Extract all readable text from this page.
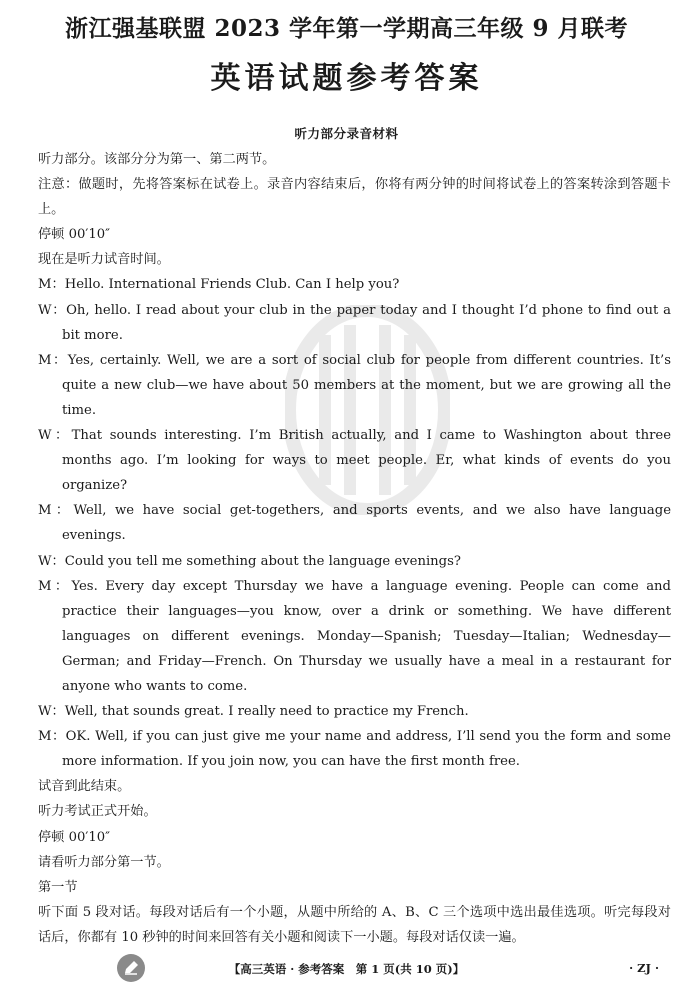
浙江强基联盟 2023 学年第一学期高三年级 9 月联考
英语试题参考答案
听力部分录音材料

听力部分。该部分分为第一、第二两节。

注意：做题时，先将答案标在试卷上。录音内容结束后，你将有两分钟的时间将试卷上的答案转涂到答题卡上。

停顿 00′10″

现在是听力试音时间。

M：Hello. International Friends Club. Can I help you?

W：Oh, hello. I read about your club in the paper today and I thought I’d phone to find out a bit more.

M：Yes, certainly. Well, we are a sort of social club for people from different countries. It’s quite a new club—we have about 50 members at the moment, but we are growing all the time.

W：That sounds interesting. I’m British actually, and I came to Washington about three months ago. I’m looking for ways to meet people. Er, what kinds of events do you organize?

M：Well, we have social get-togethers, and sports events, and we also have language evenings.

W：Could you tell me something about the language evenings?

M：Yes. Every day except Thursday we have a language evening. People can come and practice their languages—you know, over a drink or something. We have different languages on different evenings. Monday—Spanish; Tuesday—Italian; Wednesday—German; and Friday—French. On Thursday we usually have a meal in a restaurant for anyone who wants to come.

W：Well, that sounds great. I really need to practice my French.

M：OK. Well, if you can just give me your name and address, I’ll send you the form and some more information. If you join now, you can have the first month free.

试音到此结束。

听力考试正式开始。

停顿 00′10″

请看听力部分第一节。

第一节

听下面 5 段对话。每段对话后有一个小题，从题中所给的 A、B、C 三个选项中选出最佳选项。听完每段对话后，你都有 10 秒钟的时间来回答有关小题和阅读下一小题。每段对话仅读一遍。

【高三英语 · 参考答案　第 1 页(共 10 页)】	· ZJ ·
